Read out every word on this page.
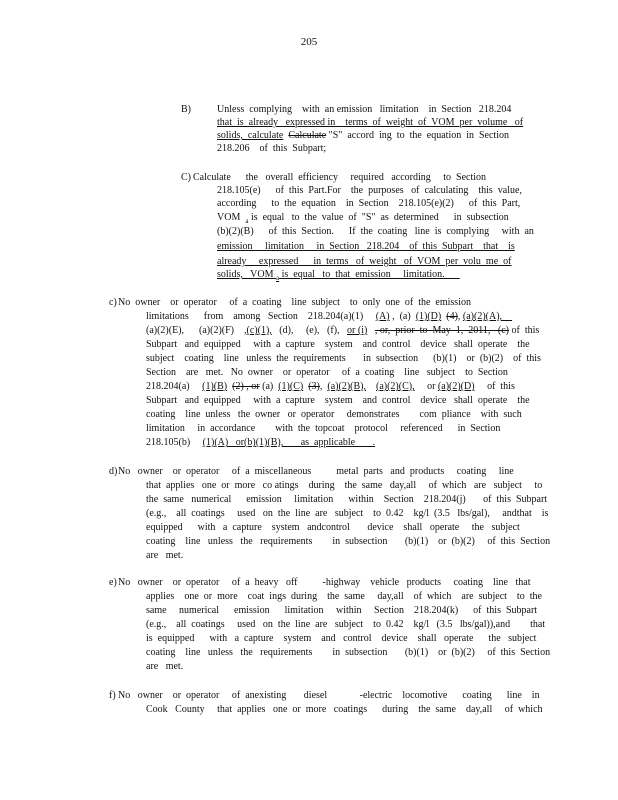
205
B)	Unless  complying    with  an emission   limitation    in  Section   218.204
that  is  already   expressed in    terms  of  weight  of  VOM  per  volume   of
solids,  calculate Calculate "S"  accord  ing  to  the  equation  in  Section
218.206    of  this  Subpart;
C) Calculate      the   overall  efficiency     required   according     to  Section
218.105(e)      of  this  Part.For    the  purposes   of  calculating    this  value,
according      to  the  equation    in  Section    218.105(e)(2)      of  this  Part,
VOM  $_a$ is  equal   to  the  value  of  "S"  as  determined      in  subsection
(b)(2)(B)      of  this  Section.      If  the  coating   line  is  complying     with  an
emission     limitation     in  Section   218.204    of  this  Subpart    that    is
already     expressed      in  terms   of  weight   of  VOM  per  volu  me  of
solids,   VOM $_a$ is  equal   to  that  emission     limitation.
c) No  owner    or  operator     of  a  coating    line  subject    to  only  one  of  the  emission
limitations      from    among   Section    218.204(a)(1)     (A) ,  (a)  (1)(D) (4), (a)(2)(A),
(a)(2)(E),      (a)(2)(F)    ,(c)(1),   (d),     (e),   (f),   or (i) , or,  prior  to  May  1,  2011,   (c) of  this
Subpart   and  equipped     with  a  capture    system    and  control    device   shall  operate    the
subject    coating    line   unless  the  requirements       in  subsection      (b)(1)    or  (b)(2)    of  this
Section    are   met.   No  owner    or  operator     of  a  coating    line   subject    to  Section
218.204(a)     (1)(B) (2) , or (a)  (1)(C) (3),  (a)(2)(B), (a)(2)(C),     or (a)(2)(D)     of  this
Subpart   and  equipped     with  a  capture    system    and  control    device   shall  operate    the
coating    line  unless   the  owner   or  operator     demonstrates        com  pliance    with  such
limitation     in  accordance        with  the  topcoat    protocol     referenced      in  Section
218.105(b)     (1)(A)   or(b)(1)(B),       as  applicable       .
d) No   owner    or  operator     of  a  miscellaneous          metal  parts   and  products     coating     line
that  applies   one  or  more   co atings    during    the  same   day,all     of  which   are   subject     to
the  same   numerical      emission     limitation      within    Section    218.204(j)       of  this  Subpart
(e.g.,    all  coatings     used   on  the  line  are   subject    to  0.42    kg/l  (3.5   lbs/gal),     andthat    is
equipped      with   a  capture    system   andcontrol       device    shall   operate     the   subject
coating    line   unless   the   requirements        in  subsection       (b)(1)    or  (b)(2)     of  this  Section
are   met.
e) No   owner    or  operator     of  a  heavy   off          -highway    vehicle   products     coating    line   that
applies    one  or  more    coat  ings  during    the  same     day,all    of  which    are  subject    to  the
same     numerical      emission      limitation     within     Section    218.204(k)      of  this  Subpart
(e.g.,    all  coatings     used   on  the  line  are   subject    to  0.42    kg/l   (3.5   lbs/gal)),and        that
is  equipped      with   a  capture    system    and   control    device    shall   operate      the   subject
coating    line   unless   the   requirements        in  subsection       (b)(1)    or  (b)(2)     of  this  Section
are   met.
f) No   owner    or  operator     of  anexisting       diesel             -electric    locomotive      coating      line    in
Cook   County     that  applies   one  or  more   coatings      during    the  same    day,all     of  which
